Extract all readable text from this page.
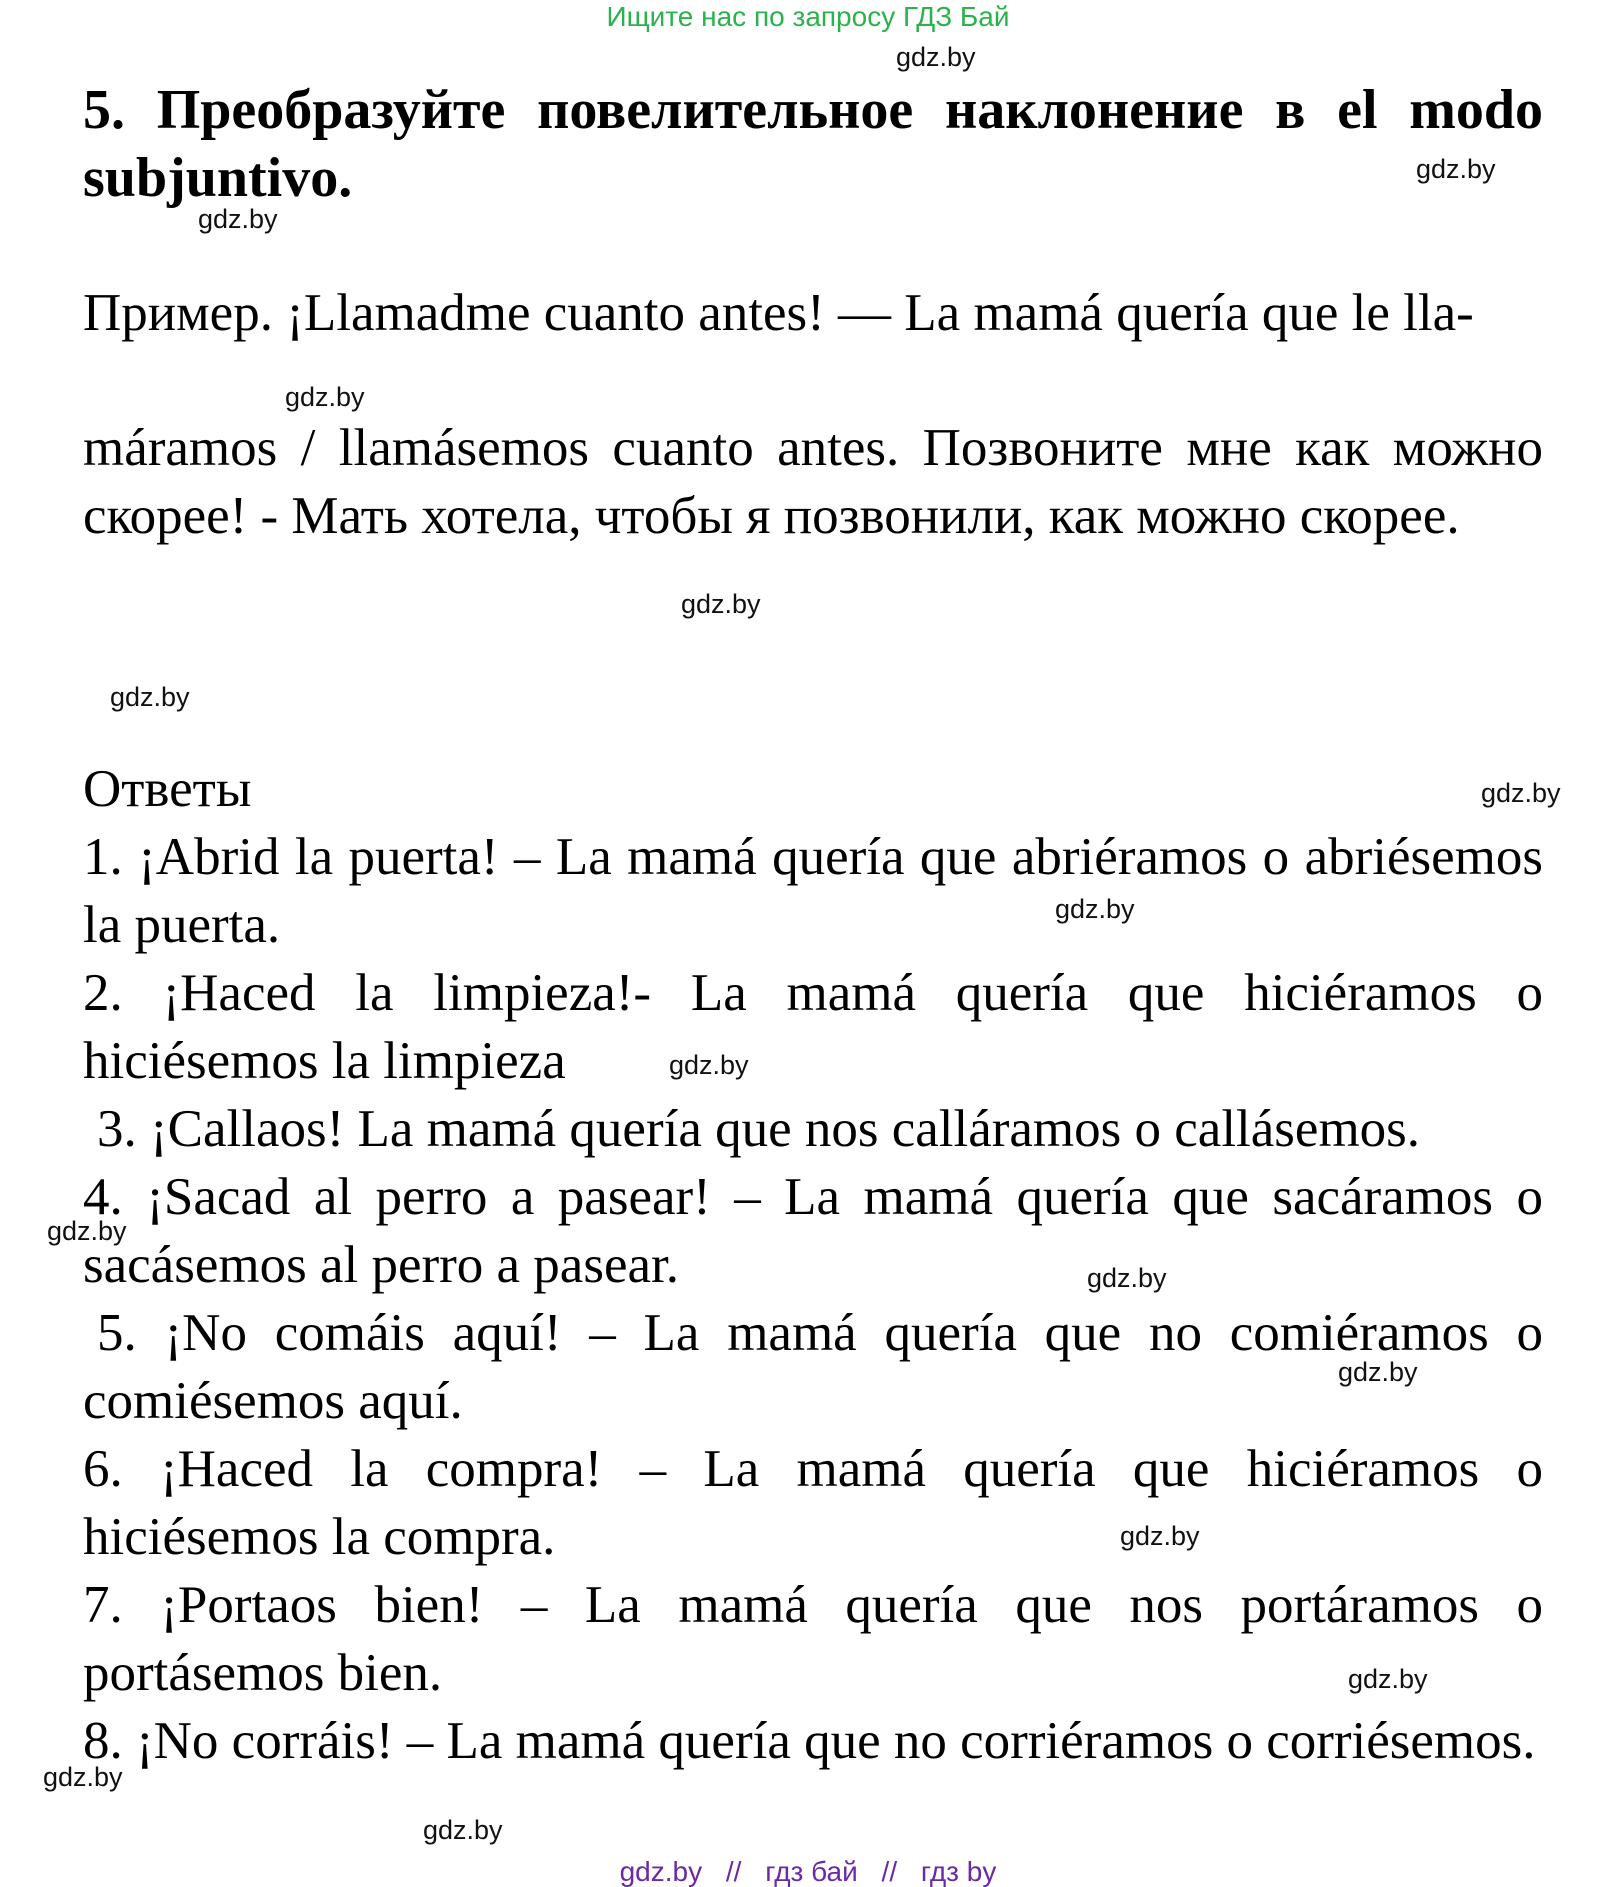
Ищите нас по запросу ГДЗ Бай
5. Преобразуйте повелительное наклонение в el modo subjuntivo.
Пример. ¡Llamadme cuanto antes! — La mamá quería que le lla-
máramos / llamásemos cuanto antes. Позвоните мне как можно скорее! - Мать хотела, чтобы я позвонили, как можно скорее.
Ответы
1. ¡Abrid la puerta! – La mamá quería que abriéramos o abriésemos la puerta.
2. ¡Haced la limpieza!- La mamá quería que hiciéramos o hiciésemos la limpieza
3. ¡Callaos! La mamá quería que nos calláramos o callásemos.
4. ¡Sacad al perro a pasear! – La mamá quería que sacáramos o sacásemos al perro a pasear.
5. ¡No comáis aquí! – La mamá quería que no comiéramos o comiésemos aquí.
6. ¡Haced la compra! – La mamá quería que hiciéramos o hiciésemos la compra.
7. ¡Portaos bien! – La mamá quería que nos portáramos o portásemos bien.
8. ¡No corráis! – La mamá quería que no corriéramos o corriésemos.
gdz.by
gdz.by
gdz.by
gdz.by
gdz.by
gdz.by
gdz.by
gdz.by
gdz.by
gdz.by
gdz.by
gdz.by
gdz.by
gdz.by
gdz.by
gdz.by
gdz.by // гдз бай // гдз by
